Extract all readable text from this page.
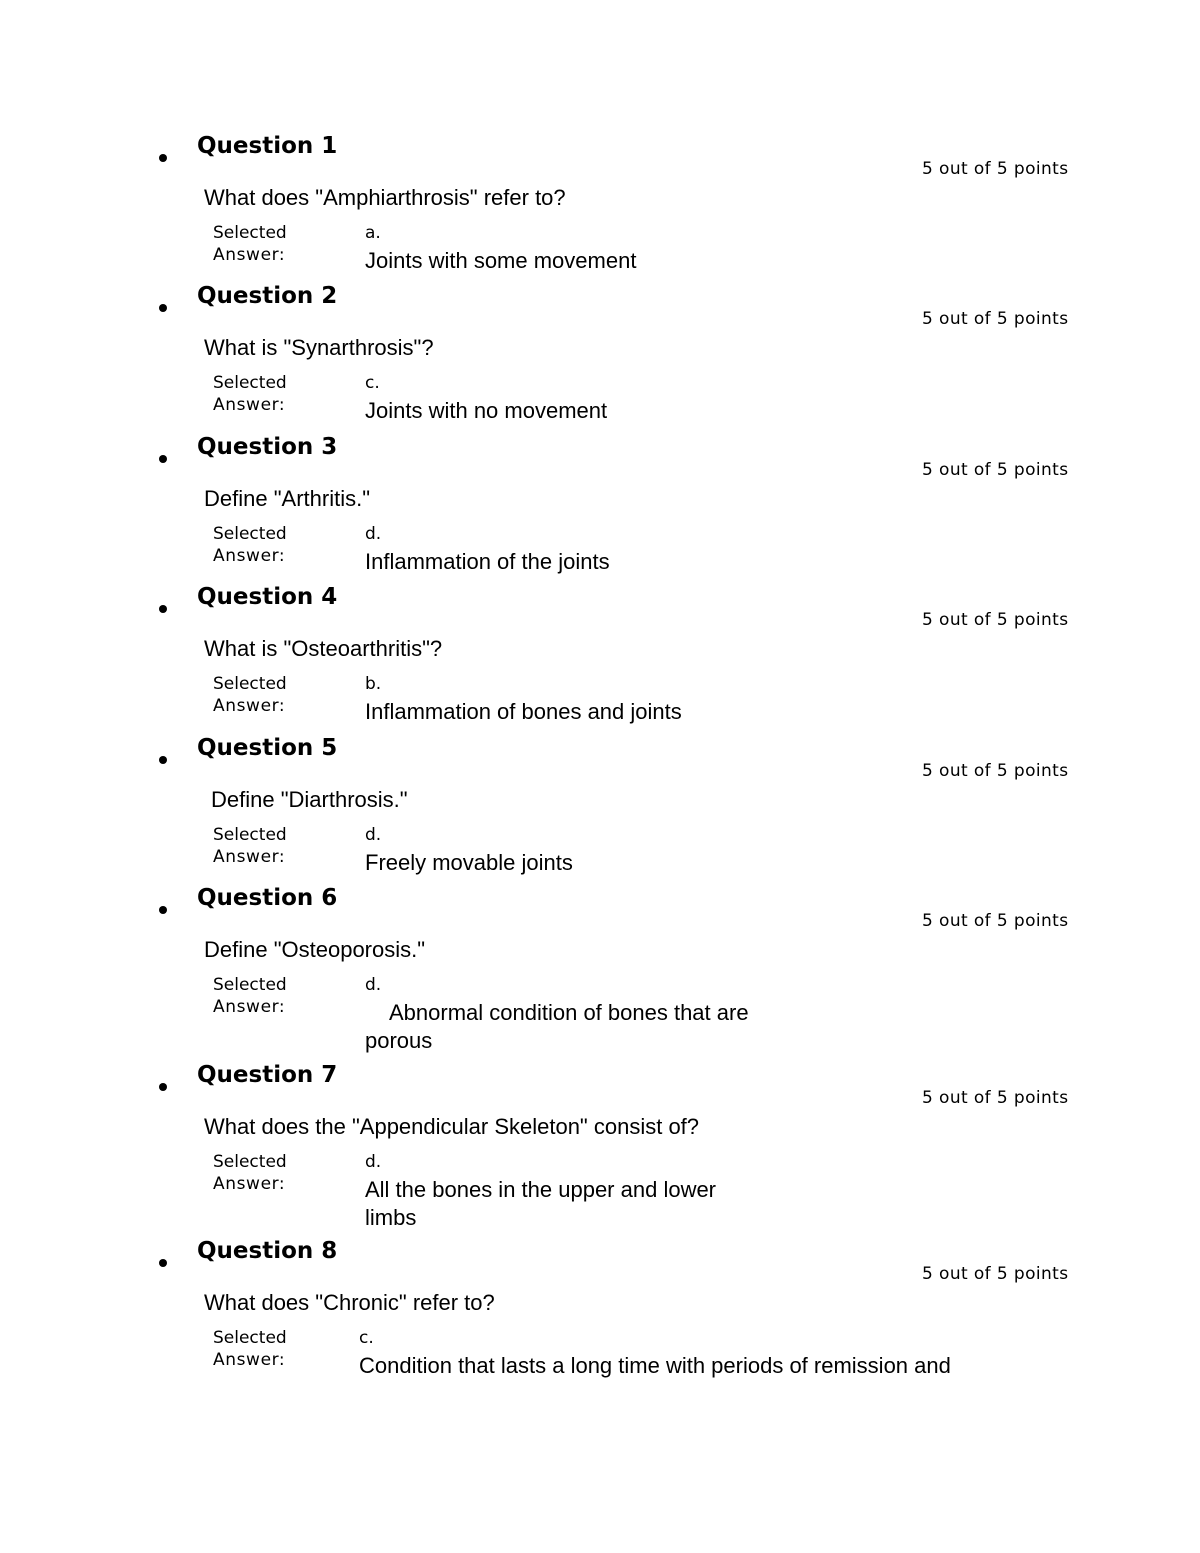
Question 1
5 out of 5 points
What does "Amphiarthrosis" refer to?
Selected
Answer:
a.
Joints with some movement
Question 2
5 out of 5 points
What is "Synarthrosis"?
Selected
Answer:
c.
Joints with no movement
Question 3
5 out of 5 points
Define "Arthritis."
Selected
Answer:
d.
Inflammation of the joints
Question 4
5 out of 5 points
What is "Osteoarthritis"?
Selected
Answer:
b.
Inflammation of bones and joints
Question 5
5 out of 5 points
Define "Diarthrosis."
Selected
Answer:
d.
Freely movable joints
Question 6
5 out of 5 points
Define "Osteoporosis."
Selected
Answer:
d.
Abnormal condition of bones that are
porous
Question 7
5 out of 5 points
What does the "Appendicular Skeleton" consist of?
Selected
Answer:
d.
All the bones in the upper and lower
limbs
Question 8
5 out of 5 points
What does "Chronic" refer to?
Selected
Answer:
c.
Condition that lasts a long time with periods of remission and
